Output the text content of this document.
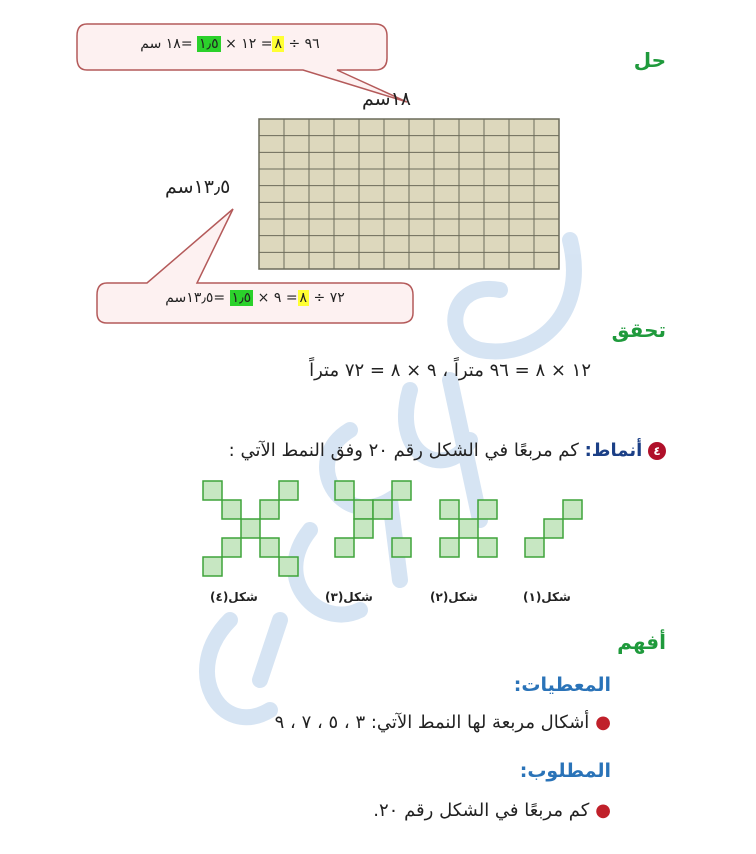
حل
٩٦ ÷ ٨= ١٢ × ١٫٥ =١٨ سم
١٨سم
١٣٫٥سم
٧٢ ÷ ٨= ٩ × ١٫٥ =١٣٫٥سم
تحقق
١٢ × ٨ = ٩٦ متراً ، ٩ × ٨ = ٧٢ متراً
٤ أنماط: كم مربعًا في الشكل رقم ٢٠ وفق النمط الآتي :
شكل(١)
شكل(٢)
شكل(٣)
شكل(٤)
أفهم
المعطيات:
●أشكال مربعة لها النمط الآتي: ٣ ، ٥ ، ٧ ، ٩
المطلوب:
●كم مربعًا في الشكل رقم ٢٠.
